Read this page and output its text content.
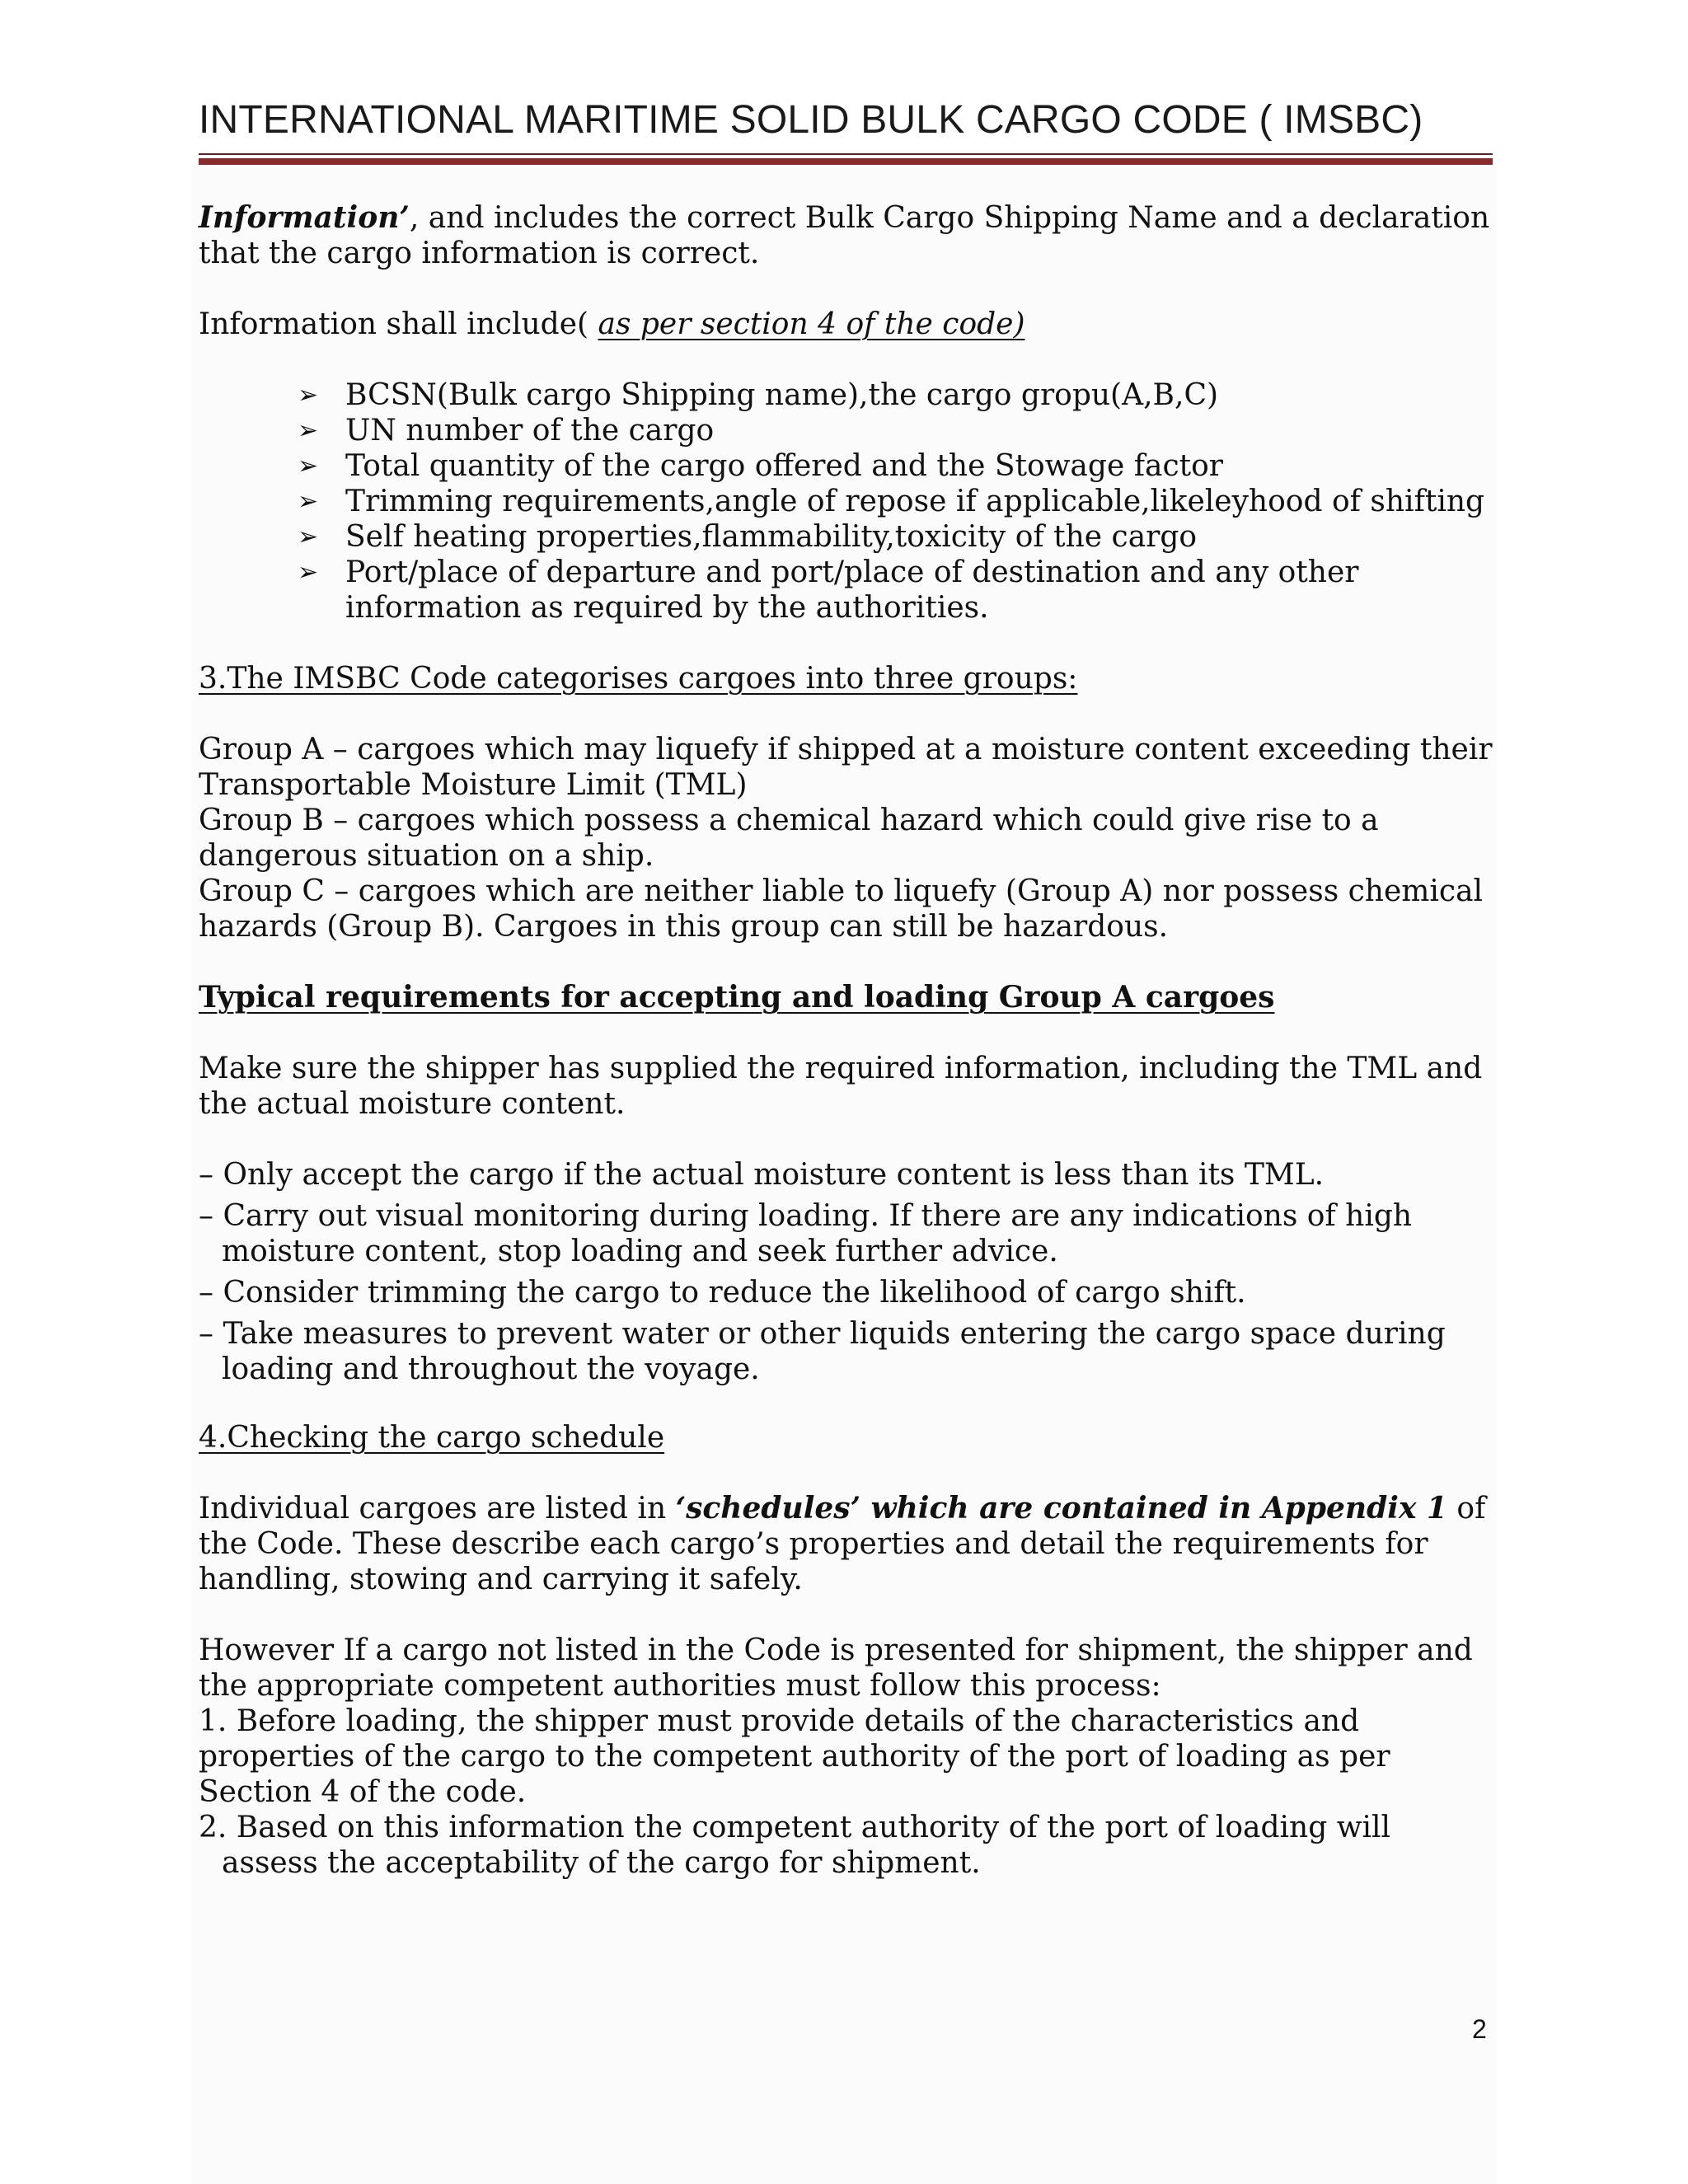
INTERNATIONAL MARITIME SOLID BULK CARGO CODE ( IMSBC)

Information’, and includes the correct Bulk Cargo Shipping Name and a declaration that the cargo information is correct.

Information shall include( as per section 4 of the code)

➢ BCSN(Bulk cargo Shipping name),the cargo gropu(A,B,C)
➢ UN number of the cargo
➢ Total quantity of the cargo offered and the Stowage factor
➢ Trimming requirements,angle of repose if applicable,likeleyhood of shifting
➢ Self heating properties,flammability,toxicity of the cargo
➢ Port/place of departure and port/place of destination and any other information as required by the authorities.

3.The IMSBC Code categorises cargoes into three groups:

Group A – cargoes which may liquefy if shipped at a moisture content exceeding their Transportable Moisture Limit (TML)

Group B – cargoes which possess a chemical hazard which could give rise to a dangerous situation on a ship.

Group C – cargoes which are neither liable to liquefy (Group A) nor possess chemical hazards (Group B). Cargoes in this group can still be hazardous.

Typical requirements for accepting and loading Group A cargoes

Make sure the shipper has supplied the required information, including the TML and the actual moisture content.

– Only accept the cargo if the actual moisture content is less than its TML.

– Carry out visual monitoring during loading. If there are any indications of high moisture content, stop loading and seek further advice.

– Consider trimming the cargo to reduce the likelihood of cargo shift.

– Take measures to prevent water or other liquids entering the cargo space during loading and throughout the voyage.

4.Checking the cargo schedule

Individual cargoes are listed in ‘schedules’ which are contained in Appendix 1 of the Code. These describe each cargo’s properties and detail the requirements for handling, stowing and carrying it safely.

However If a cargo not listed in the Code is presented for shipment, the shipper and the appropriate competent authorities must follow this process:

1. Before loading, the shipper must provide details of the characteristics and properties of the cargo to the competent authority of the port of loading as per Section 4 of the code.

2. Based on this information the competent authority of the port of loading will assess the acceptability of the cargo for shipment.

2
